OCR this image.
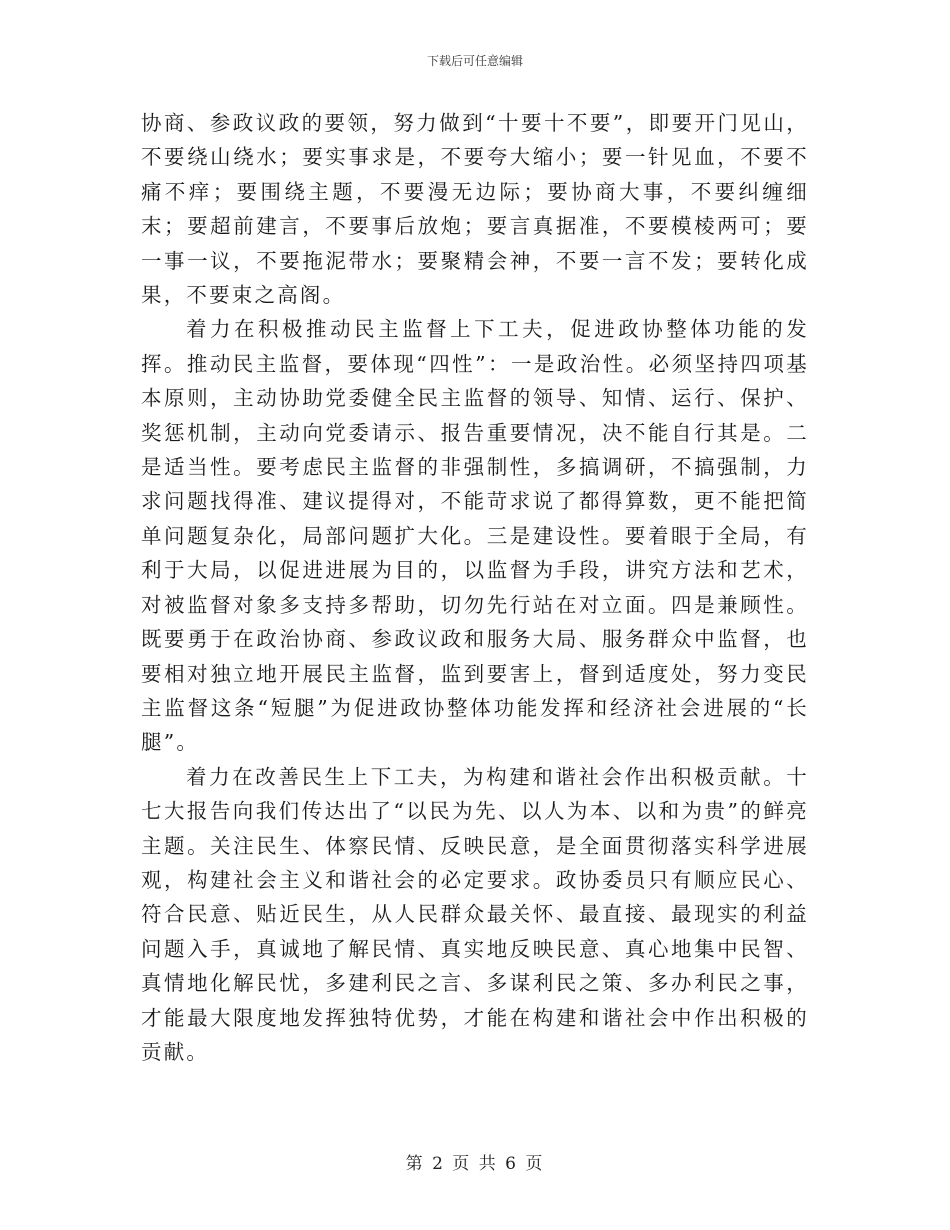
下载后可任意编辑

协商、参政议政的要领，努力做到“十要十不要”，即要开门见山，不要绕山绕水；要实事求是，不要夸大缩小；要一针见血，不要不痛不痒；要围绕主题，不要漫无边际；要协商大事，不要纠缠细末；要超前建言，不要事后放炮；要言真据准，不要模棱两可；要一事一议，不要拖泥带水；要聚精会神，不要一言不发；要转化成果，不要束之高阁。

着力在积极推动民主监督上下工夫，促进政协整体功能的发挥。推动民主监督，要体现“四性”：一是政治性。必须坚持四项基本原则，主动协助党委健全民主监督的领导、知情、运行、保护、奖惩机制，主动向党委请示、报告重要情况，决不能自行其是。二是适当性。要考虑民主监督的非强制性，多搞调研，不搞强制，力求问题找得准、建议提得对，不能苛求说了都得算数，更不能把简单问题复杂化，局部问题扩大化。三是建设性。要着眼于全局，有利于大局，以促进进展为目的，以监督为手段，讲究方法和艺术，对被监督对象多支持多帮助，切勿先行站在对立面。四是兼顾性。既要勇于在政治协商、参政议政和服务大局、服务群众中监督，也要相对独立地开展民主监督，监到要害上，督到适度处，努力变民主监督这条“短腿”为促进政协整体功能发挥和经济社会进展的“长腿”。

着力在改善民生上下工夫，为构建和谐社会作出积极贡献。十七大报告向我们传达出了“以民为先、以人为本、以和为贵”的鲜亮主题。关注民生、体察民情、反映民意，是全面贯彻落实科学进展观，构建社会主义和谐社会的必定要求。政协委员只有顺应民心、符合民意、贴近民生，从人民群众最关怀、最直接、最现实的利益问题入手，真诚地了解民情、真实地反映民意、真心地集中民智、真情地化解民忧，多建利民之言、多谋利民之策、多办利民之事，才能最大限度地发挥独特优势，才能在构建和谐社会中作出积极的贡献。

第 2 页 共 6 页
